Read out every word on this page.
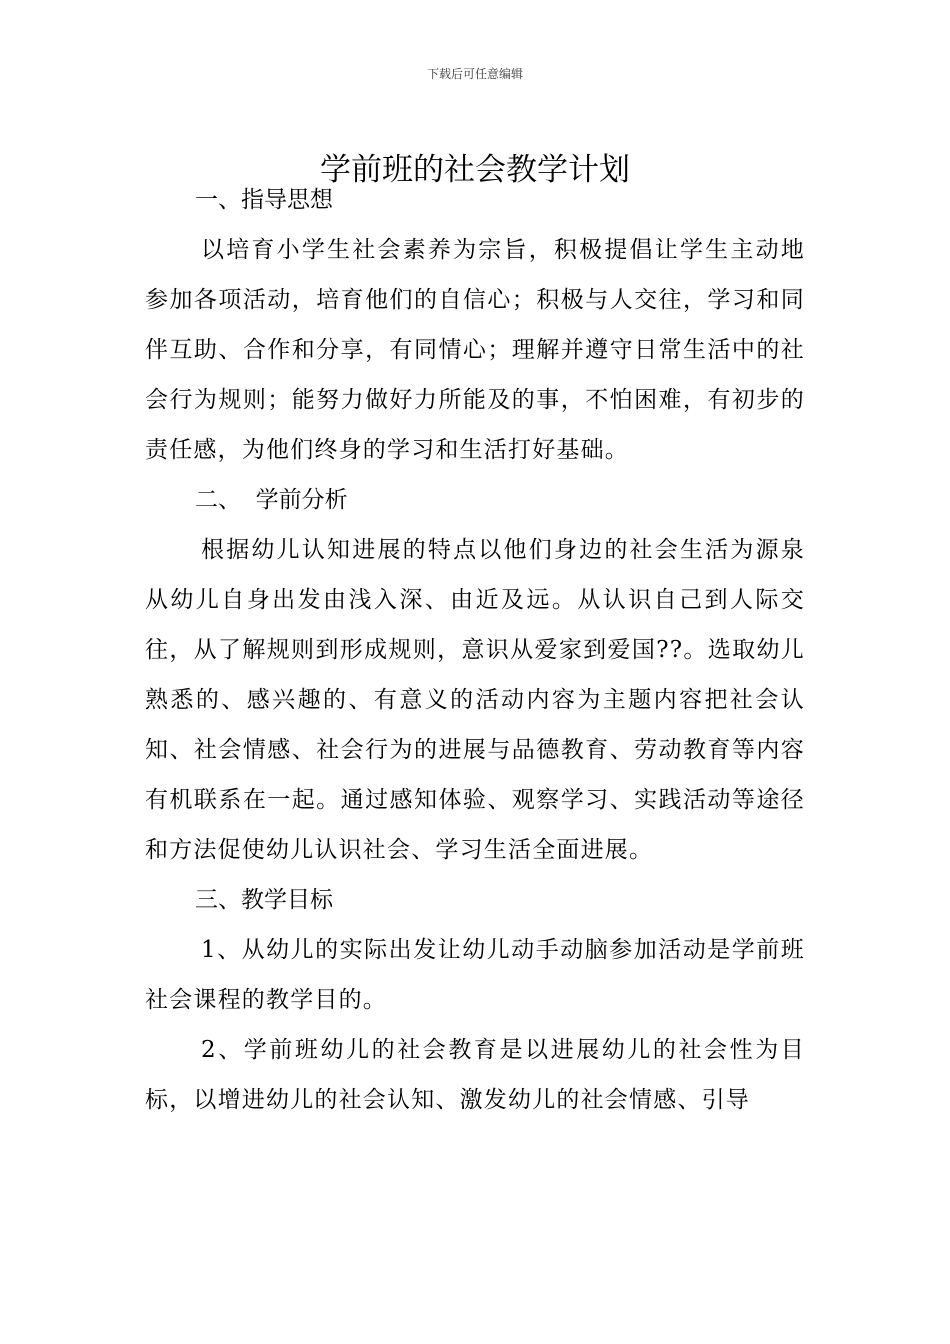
下载后可任意编辑
学前班的社会教学计划

一、指导思想

以培育小学生社会素养为宗旨，积极提倡让学生主动地参加各项活动，培育他们的自信心；积极与人交往，学习和同伴互助、合作和分享，有同情心；理解并遵守日常生活中的社会行为规则；能努力做好力所能及的事，不怕困难，有初步的责任感，为他们终身的学习和生活打好基础。

二、  学前分析

根据幼儿认知进展的特点以他们身边的社会生活为源泉从幼儿自身出发由浅入深、由近及远。从认识自己到人际交往，从了解规则到形成规则，意识从爱家到爱国??。选取幼儿熟悉的、感兴趣的、有意义的活动内容为主题内容把社会认知、社会情感、社会行为的进展与品德教育、劳动教育等内容有机联系在一起。通过感知体验、观察学习、实践活动等途径和方法促使幼儿认识社会、学习生活全面进展。

三、教学目标

1、从幼儿的实际出发让幼儿动手动脑参加活动是学前班社会课程的教学目的。

2、学前班幼儿的社会教育是以进展幼儿的社会性为目标，以增进幼儿的社会认知、激发幼儿的社会情感、引导
